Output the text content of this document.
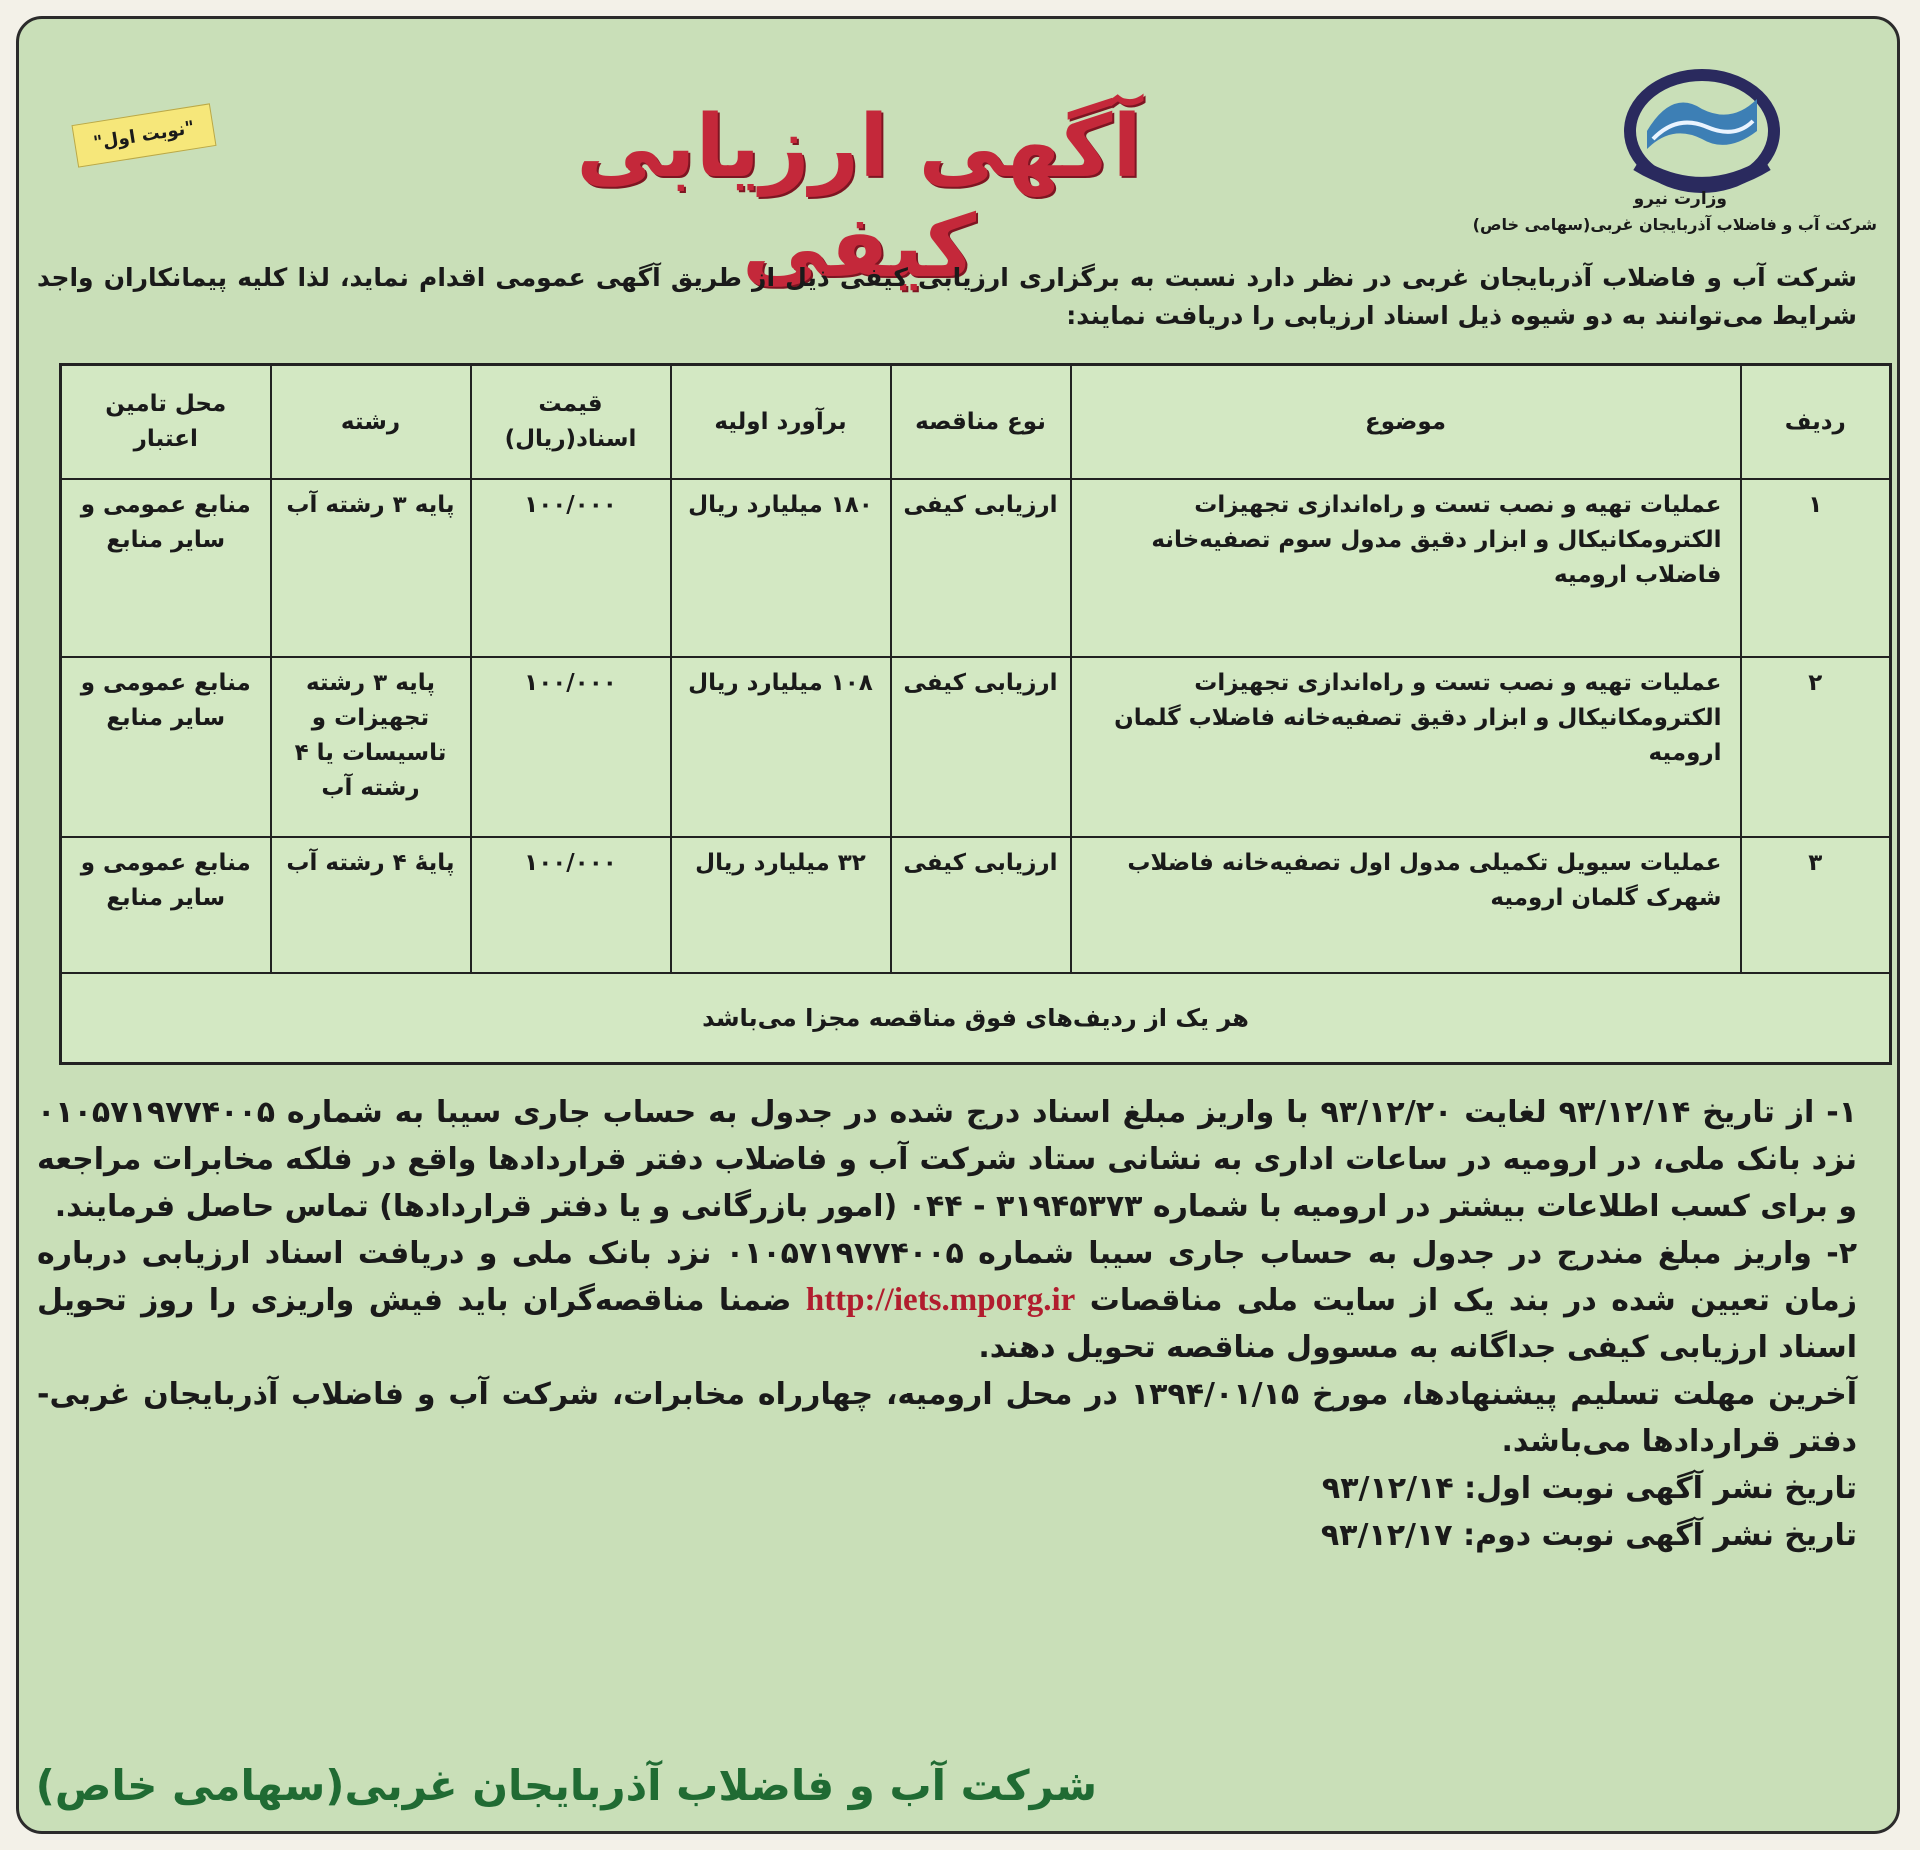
وزارت نیرو
شرکت آب و فاضلاب آذربایجان غربی(سهامی خاص)
آگهی ارزیابی کیفی
"نوبت اول"
شرکت آب و فاضلاب آذربایجان غربی در نظر دارد نسبت به برگزاری ارزیابی کیفی ذیل از طریق آگهی عمومی اقدام نماید، لذا کلیه پیمانکاران واجد شرایط می‌توانند به دو شیوه ذیل اسناد ارزیابی را دریافت نمایند:
ردیف	موضوع	نوع مناقصه	برآورد اولیه	قیمت اسناد(ریال)	رشته	محل تامین اعتبار
۱	عملیات تهیه و نصب تست و راه‌اندازی تجهیزات الکترومکانیکال و ابزار دقیق مدول سوم تصفیه‌خانه فاضلاب ارومیه	ارزیابی کیفی	۱۸۰ میلیارد ریال	۱۰۰/۰۰۰	پایه ۳ رشته آب	منابع عمومی و سایر منابع
۲	عملیات تهیه و نصب تست و راه‌اندازی تجهیزات الکترومکانیکال و ابزار دقیق تصفیه‌خانه فاضلاب گلمان ارومیه	ارزیابی کیفی	۱۰۸ میلیارد ریال	۱۰۰/۰۰۰	پایه ۳ رشته تجهیزات و تاسیسات یا ۴ رشته آب	منابع عمومی و سایر منابع
۳	عملیات سیویل تکمیلی مدول اول تصفیه‌خانه فاضلاب شهرک گلمان ارومیه	ارزیابی کیفی	۳۲ میلیارد ریال	۱۰۰/۰۰۰	پایهٔ ۴ رشته آب	منابع عمومی و سایر منابع
هر یک از ردیف‌های فوق مناقصه مجزا می‌باشد						

۱- از تاریخ ۹۳/۱۲/۱۴ لغایت ۹۳/۱۲/۲۰ با واریز مبلغ اسناد درج شده در جدول به حساب جاری سیبا به شماره ۰۱۰۵۷۱۹۷۷۴۰۰۵ نزد بانک ملی، در ارومیه در ساعات اداری به نشانی ستاد شرکت آب و فاضلاب دفتر قراردادها واقع در فلکه مخابرات مراجعه و برای کسب اطلاعات بیشتر در ارومیه با شماره ۳۱۹۴۵۳۷۳ - ۰۴۴ (امور بازرگانی و یا دفتر قراردادها) تماس حاصل فرمایند.

۲- واریز مبلغ مندرج در جدول به حساب جاری سیبا شماره ۰۱۰۵۷۱۹۷۷۴۰۰۵ نزد بانک ملی و دریافت اسناد ارزیابی درباره زمان تعیین شده در بند یک از سایت ملی مناقصات http://iets.mporg.ir ضمنا مناقصه‌گران باید فیش واریزی را روز تحویل اسناد ارزیابی کیفی جداگانه به مسوول مناقصه تحویل دهند.

آخرین مهلت تسلیم پیشنهادها، مورخ ۱۳۹۴/۰۱/۱۵ در محل ارومیه، چهارراه مخابرات، شرکت آب و فاضلاب آذربایجان غربی- دفتر قراردادها می‌باشد.

تاریخ نشر آگهی نوبت اول: ۹۳/۱۲/۱۴

تاریخ نشر آگهی نوبت دوم: ۹۳/۱۲/۱۷

شرکت آب و فاضلاب آذربایجان غربی(سهامی خاص)
